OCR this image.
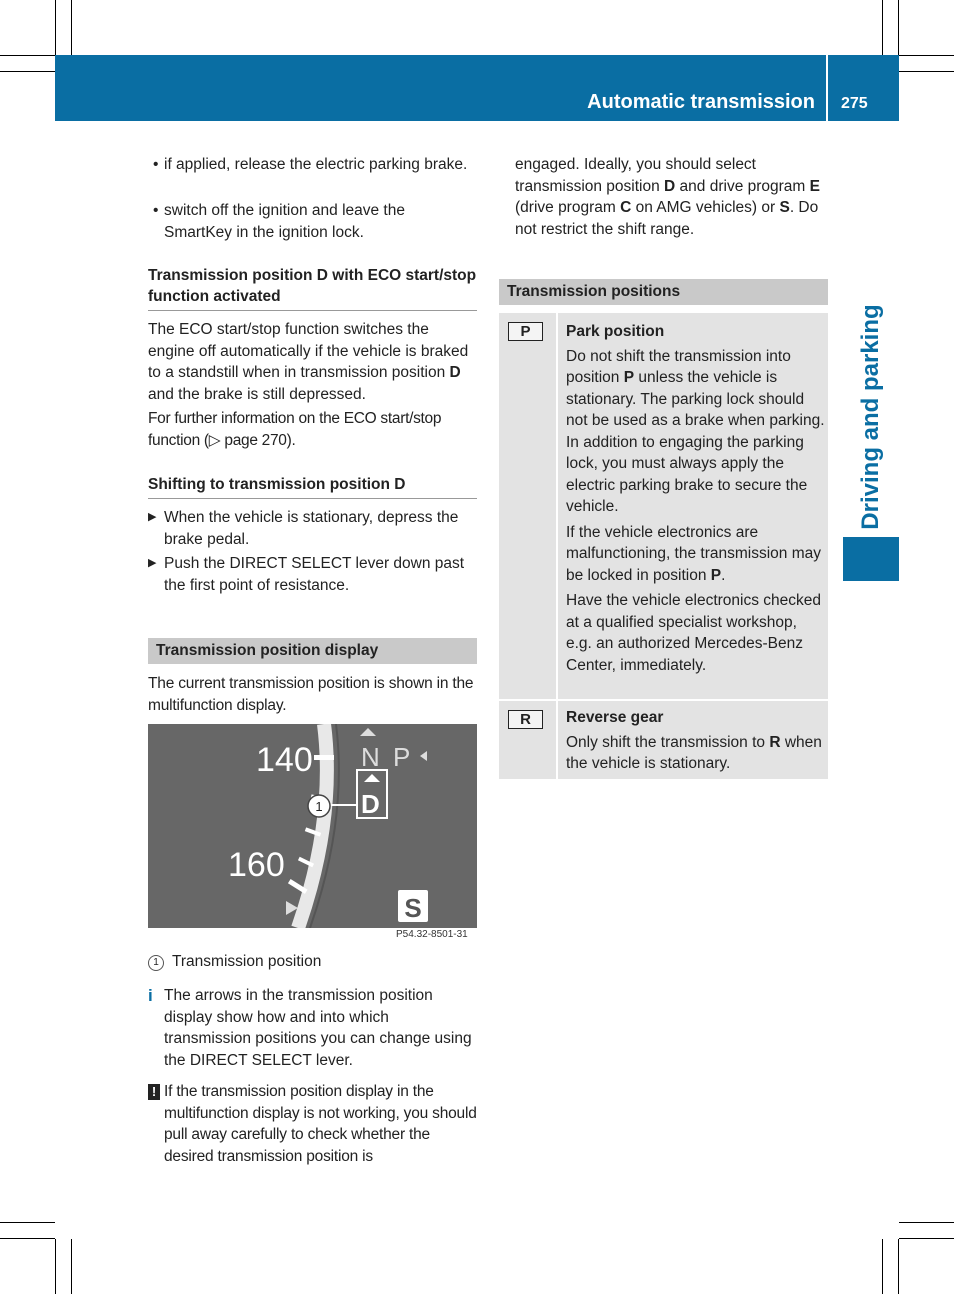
Automatic transmission 275
Driving and parking

• if applied, release the electric parking brake.

• switch off the ignition and leave the SmartKey in the ignition lock.

Transmission position D with ECO start/stop function activated

The ECO start/stop function switches the engine off automatically if the vehicle is braked to a standstill when in transmission position D and the brake is still depressed.

For further information on the ECO start/stop function (▷ page 270).

Shifting to transmission position D

▶ When the vehicle is stationary, depress the brake pedal.

▶ Push the DIRECT SELECT lever down past the first point of resistance.

Transmission position display

The current transmission position is shown in the multifunction display.

140
160
N P
D
1
S
P54.32-8501-31

1 Transmission position

i The arrows in the transmission position display show how and into which transmission positions you can change using the DIRECT SELECT lever.

! If the transmission position display in the multifunction display is not working, you should pull away carefully to check whether the desired transmission position is

engaged. Ideally, you should select transmission position D and drive program E (drive program C on AMG vehicles) or S. Do not restrict the shift range.

Transmission positions
P	Park position

Do not shift the transmission into position P unless the vehicle is stationary. The parking lock should not be used as a brake when parking. In addition to engaging the parking lock, you must always apply the electric parking brake to secure the vehicle.

If the vehicle electronics are malfunctioning, the transmission may be locked in position P.

Have the vehicle electronics checked at a qualified specialist workshop, e.g. an authorized Mercedes-Benz Center, immediately.

R	Reverse gear

Only shift the transmission to R when the vehicle is stationary.
